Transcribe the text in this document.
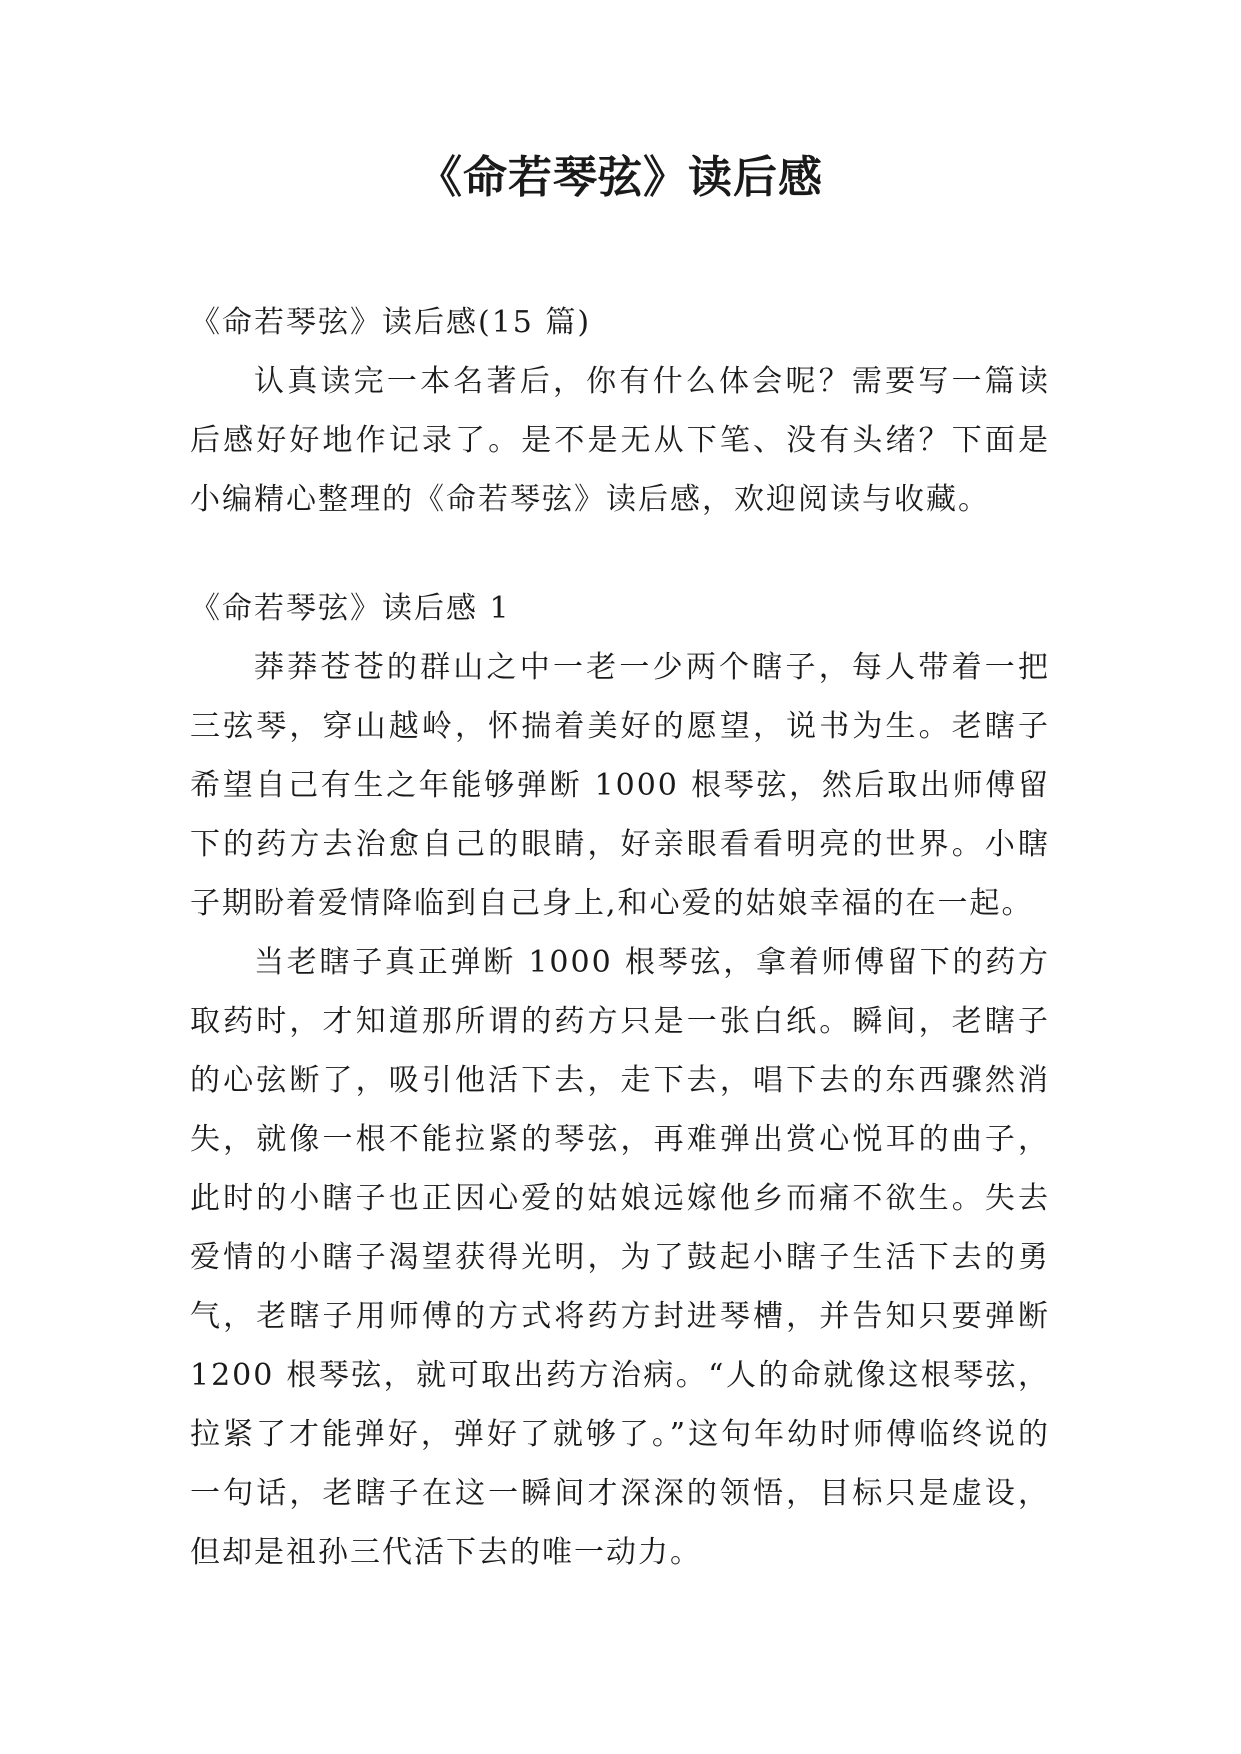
《命若琴弦》读后感

《命若琴弦》读后感(15 篇)

认真读完一本名著后，你有什么体会呢？需要写一篇读后感好好地作记录了。是不是无从下笔、没有头绪？下面是小编精心整理的《命若琴弦》读后感，欢迎阅读与收藏。

《命若琴弦》读后感 1

莽莽苍苍的群山之中一老一少两个瞎子，每人带着一把三弦琴，穿山越岭，怀揣着美好的愿望，说书为生。老瞎子希望自己有生之年能够弹断 1000 根琴弦，然后取出师傅留下的药方去治愈自己的眼睛，好亲眼看看明亮的世界。小瞎子期盼着爱情降临到自己身上,和心爱的姑娘幸福的在一起。

当老瞎子真正弹断 1000 根琴弦，拿着师傅留下的药方取药时，才知道那所谓的药方只是一张白纸。瞬间，老瞎子的心弦断了，吸引他活下去，走下去，唱下去的东西骤然消失，就像一根不能拉紧的琴弦，再难弹出赏心悦耳的曲子，此时的小瞎子也正因心爱的姑娘远嫁他乡而痛不欲生。失去爱情的小瞎子渴望获得光明，为了鼓起小瞎子生活下去的勇气，老瞎子用师傅的方式将药方封进琴槽，并告知只要弹断 1200 根琴弦，就可取出药方治病。“人的命就像这根琴弦，拉紧了才能弹好，弹好了就够了。”这句年幼时师傅临终说的一句话，老瞎子在这一瞬间才深深的领悟，目标只是虚设，但却是祖孙三代活下去的唯一动力。
